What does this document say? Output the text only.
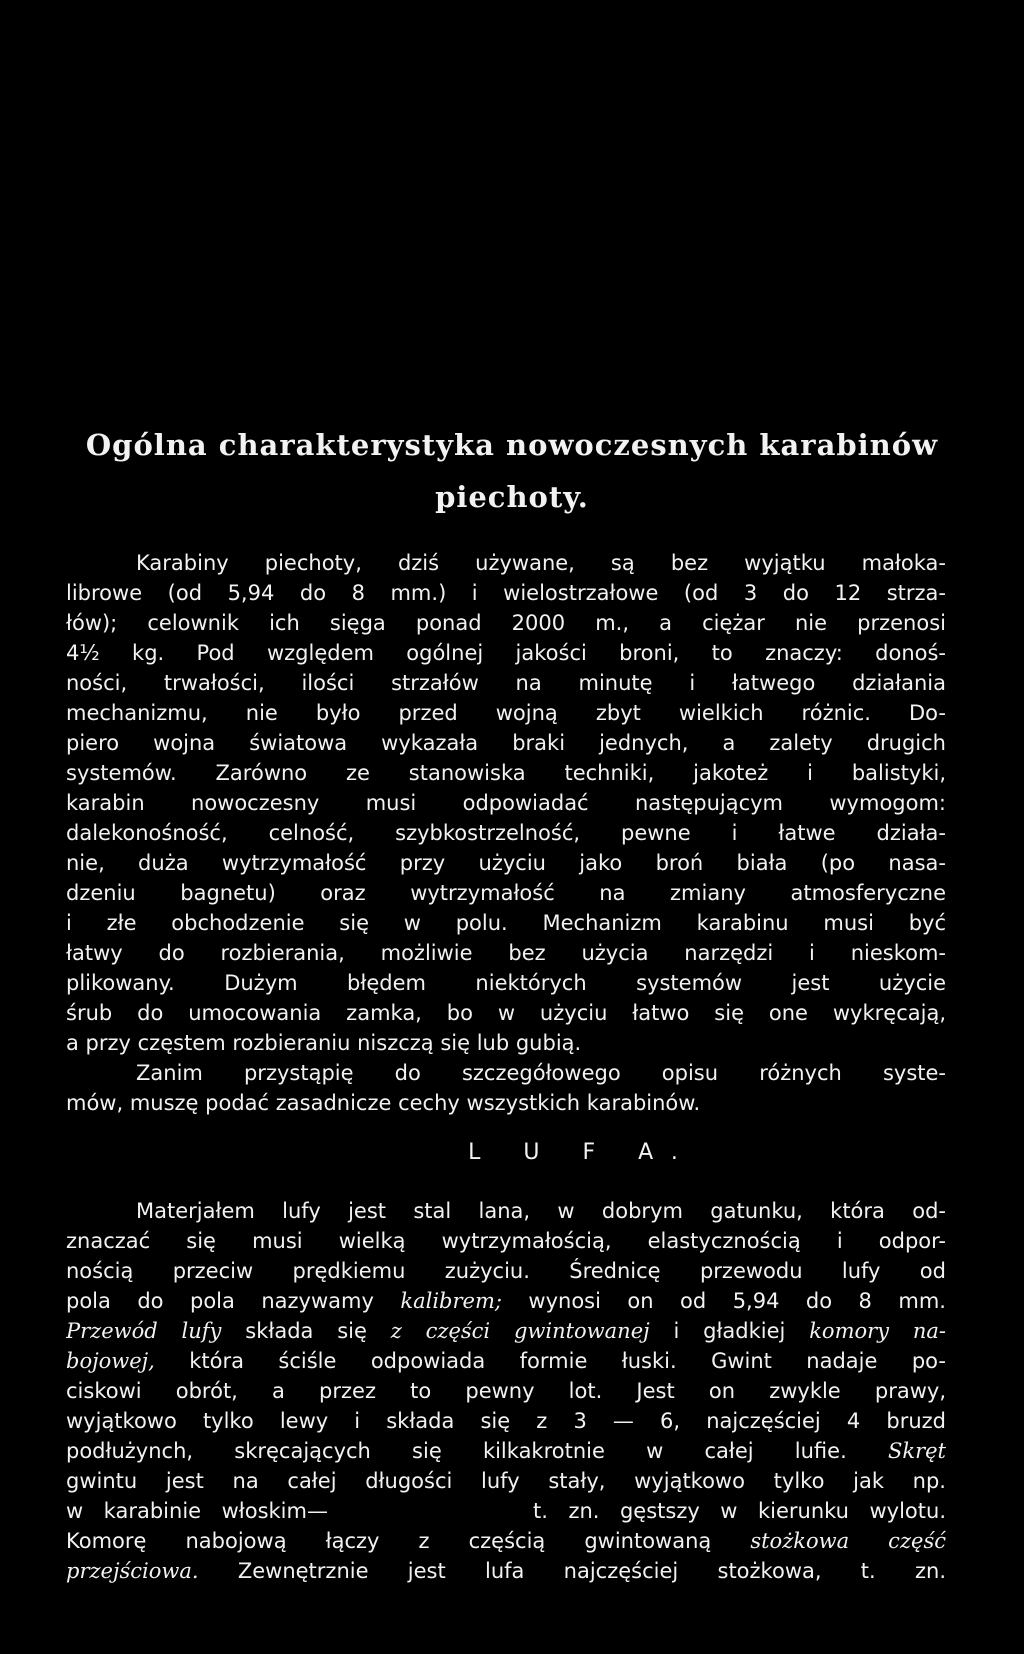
Ogólna charakterystyka nowoczesnych karabinów
piechoty.
Karabiny piechoty, dziś używane, są bez wyjątku małoka-
librowe (od 5,94 do 8 mm.) i wielostrzałowe (od 3 do 12 strza-
łów); celownik ich sięga ponad 2000 m., a ciężar nie przenosi
4½ kg. Pod względem ogólnej jakości broni, to znaczy: donoś-
ności, trwałości, ilości strzałów na minutę i łatwego działania
mechanizmu, nie było przed wojną zbyt wielkich różnic. Do-
piero wojna światowa wykazała braki jednych, a zalety drugich
systemów. Zarówno ze stanowiska techniki, jakoteż i balistyki,
karabin nowoczesny musi odpowiadać następującym wymogom:
dalekonośność, celność, szybkostrzelność, pewne i łatwe działa-
nie, duża wytrzymałość przy użyciu jako broń biała (po nasa-
dzeniu bagnetu) oraz wytrzymałość na zmiany atmosferyczne
i złe obchodzenie się w polu. Mechanizm karabinu musi być
łatwy do rozbierania, możliwie bez użycia narzędzi i nieskom-
plikowany. Dużym błędem niektórych systemów jest użycie
śrub do umocowania zamka, bo w użyciu łatwo się one wykręcają,
a przy częstem rozbieraniu niszczą się lub gubią.
Zanim przystąpię do szczegółowego opisu różnych syste-
mów, muszę podać zasadnicze cechy wszystkich karabinów.
L U F A.
Materjałem lufy jest stal lana, w dobrym gatunku, która od-
znaczać się musi wielką wytrzymałością, elastycznością i odpor-
nością przeciw prędkiemu zużyciu. Średnicę przewodu lufy od
pola do pola nazywamy kalibrem; wynosi on od 5,94 do 8 mm.
Przewód lufy składa się z części gwintowanej i gładkiej komory na-
bojowej, która ściśle odpowiada formie łuski. Gwint nadaje po-
ciskowi obrót, a przez to pewny lot. Jest on zwykle prawy,
wyjątkowo tylko lewy i składa się z 3 — 6, najczęściej 4 bruzd
podłużynch, skręcających się kilkakrotnie w całej lufie. Skręt
gwintu jest na całej długości lufy stały, wyjątkowo tylko jak np.
w karabinie włoskim—          t. zn. gęstszy w kierunku wylotu.
Komorę nabojową łączy z częścią gwintowaną stożkowa część
przejściowa. Zewnętrznie jest lufa najczęściej stożkowa, t. zn.
